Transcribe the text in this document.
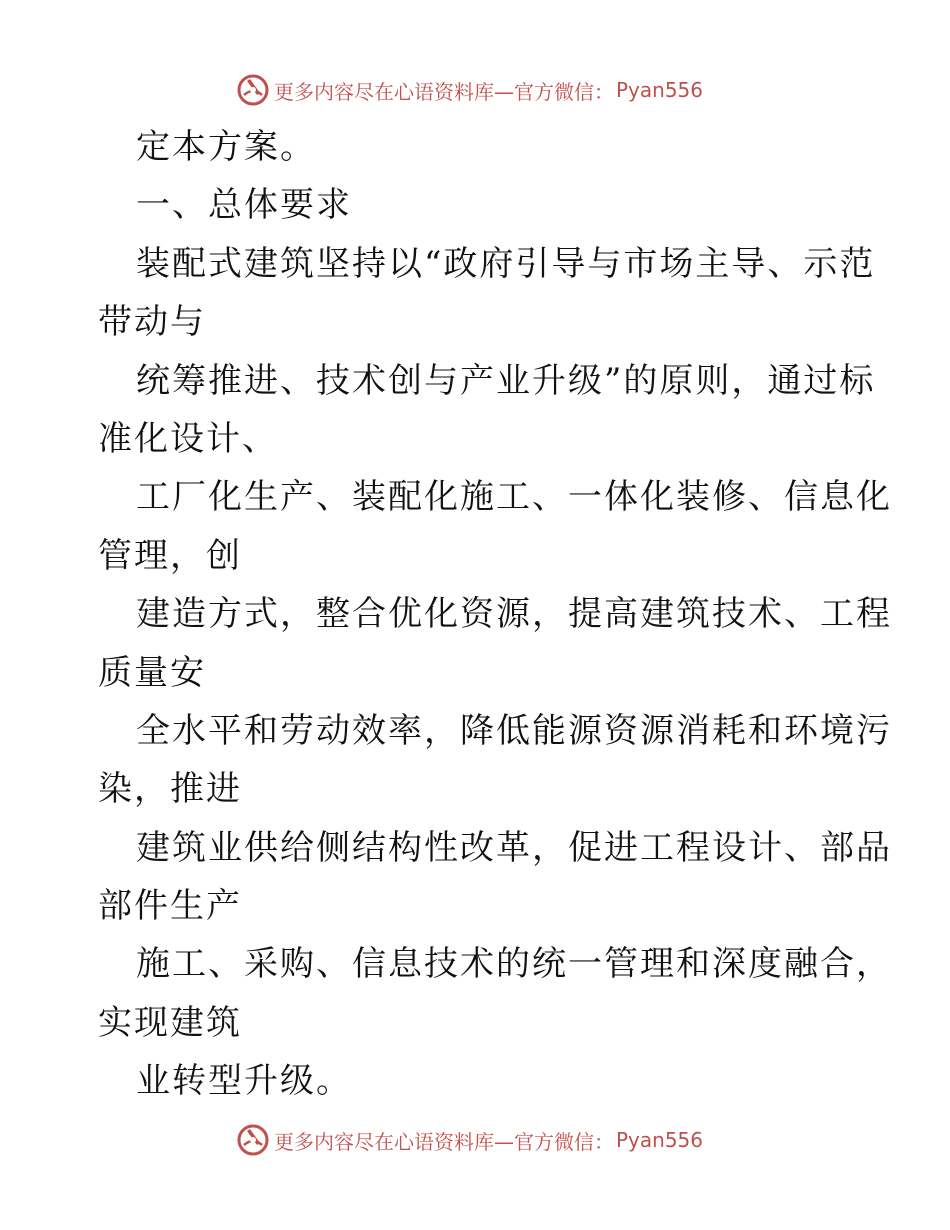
更多内容尽在心语资料库—官方微信： Pyan556
定本方案。
一、总体要求
装配式建筑坚持以“政府引导与市场主导、示范
带动与
统筹推进、技术创与产业升级”的原则，通过标
准化设计、
工厂化生产、装配化施工、一体化装修、信息化
管理，创
建造方式，整合优化资源，提高建筑技术、工程
质量安
全水平和劳动效率，降低能源资源消耗和环境污
染，推进
建筑业供给侧结构性改革，促进工程设计、部品
部件生产
施工、采购、信息技术的统一管理和深度融合，
实现建筑
业转型升级。
更多内容尽在心语资料库—官方微信： Pyan556
